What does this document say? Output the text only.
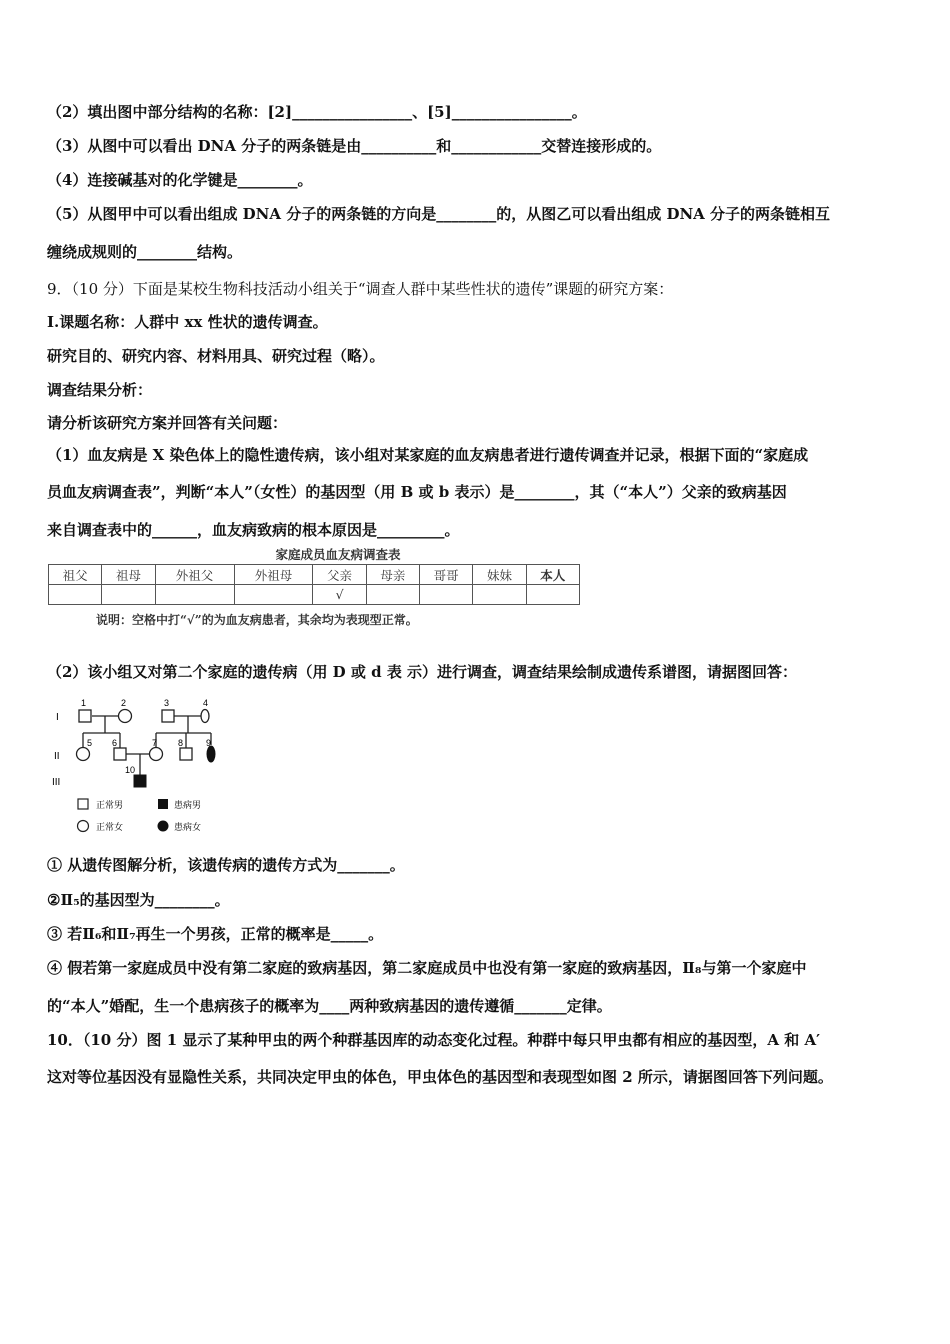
（2）填出图中部分结构的名称：[2]________________、[5]________________。
（3）从图中可以看出 DNA 分子的两条链是由__________和____________交替连接形成的。
（4）连接碱基对的化学键是________。
（5）从图甲中可以看出组成 DNA 分子的两条链的方向是________的，从图乙可以看出组成 DNA 分子的两条链相互
缠绕成规则的________结构。
9．（10 分）下面是某校生物科技活动小组关于“调查人群中某些性状的遗传”课题的研究方案：
Ⅰ.课题名称：人群中 xx 性状的遗传调查。
研究目的、研究内容、材料用具、研究过程（略）。
调查结果分析：
请分析该研究方案并回答有关问题：
（1）血友病是 X 染色体上的隐性遗传病，该小组对某家庭的血友病患者进行遗传调查并记录，根据下面的“家庭成
员血友病调查表”，判断“本人”（女性）的基因型（用 B 或 b 表示）是________，其（“本人”）父亲的致病基因
来自调查表中的______，血友病致病的根本原因是_________。
（2）该小组又对第二个家庭的遗传病（用 D 或 d 表 示）进行调查，调查结果绘制成遗传系谱图，请据图回答：
① 从遗传图解分析，该遗传病的遗传方式为_______。
②Ⅱ₅的基因型为________。
③ 若Ⅱ₆和Ⅱ₇再生一个男孩，正常的概率是_____。
④ 假若第一家庭成员中没有第二家庭的致病基因，第二家庭成员中也没有第一家庭的致病基因，Ⅱ₈与第一个家庭中
的“本人”婚配，生一个患病孩子的概率为____两种致病基因的遗传遵循_______定律。
10．（10 分）图 1 显示了某种甲虫的两个种群基因库的动态变化过程。种群中每只甲虫都有相应的基因型，A 和 A′
这对等位基因没有显隐性关系，共同决定甲虫的体色，甲虫体色的基因型和表现型如图 2 所示，请据图回答下列问题。
家庭成员血友病调查表
祖父	祖母	外祖父	外祖母	父亲	母亲	哥哥	妹妹	本人
				√				
说明：空格中打“√”的为血友病患者，其余均为表现型正常。
I
II
III
1	2	3	4
5 6	7 8	9
10
正常男	患病男
正常女	患病女
